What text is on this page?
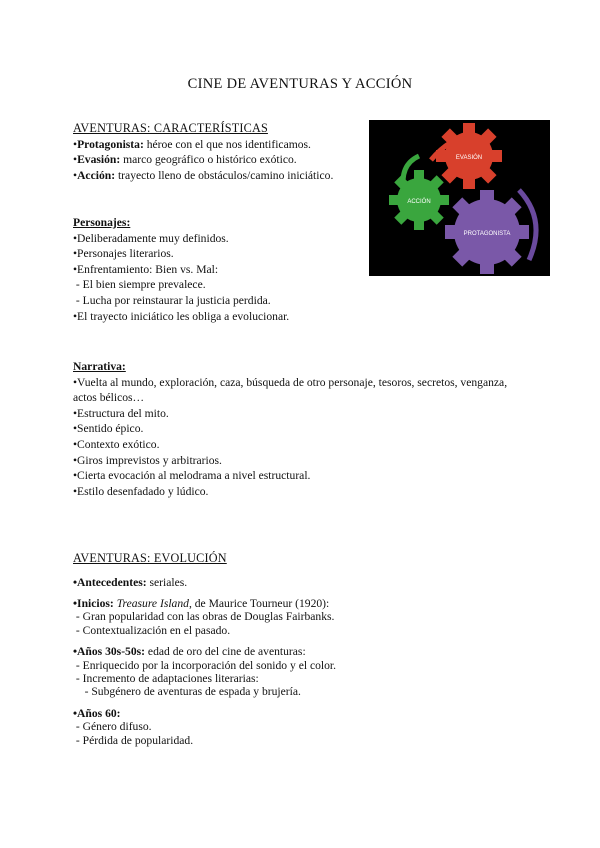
CINE DE AVENTURAS Y ACCIÓN

AVENTURAS: CARACTERÍSTICAS

•Protagonista: héroe con el que nos identificamos.

•Evasión: marco geográfico o histórico exótico.

•Acción: trayecto lleno de obstáculos/camino iniciático.

EVASIÓN
ACCIÓN
PROTAGONISTA

Personajes:

•Deliberadamente muy definidos.

•Personajes literarios.

•Enfrentamiento: Bien vs. Mal:

- El bien siempre prevalece.

- Lucha por reinstaurar la justicia perdida.

•El trayecto iniciático les obliga a evolucionar.

Narrativa:

•Vuelta al mundo, exploración, caza, búsqueda de otro personaje, tesoros, secretos, venganza, actos bélicos…

•Estructura del mito.

•Sentido épico.

•Contexto exótico.

•Giros imprevistos y arbitrarios.

•Cierta evocación al melodrama a nivel estructural.

•Estilo desenfadado y lúdico.

AVENTURAS: EVOLUCIÓN

•Antecedentes: seriales.

•Inicios: Treasure Island, de Maurice Tourneur (1920):

- Gran popularidad con las obras de Douglas Fairbanks.

- Contextualización en el pasado.

•Años 30s-50s: edad de oro del cine de aventuras:

- Enriquecido por la incorporación del sonido y el color.

- Incremento de adaptaciones literarias:

- Subgénero de aventuras de espada y brujería.

•Años 60:

- Género difuso.

- Pérdida de popularidad.
